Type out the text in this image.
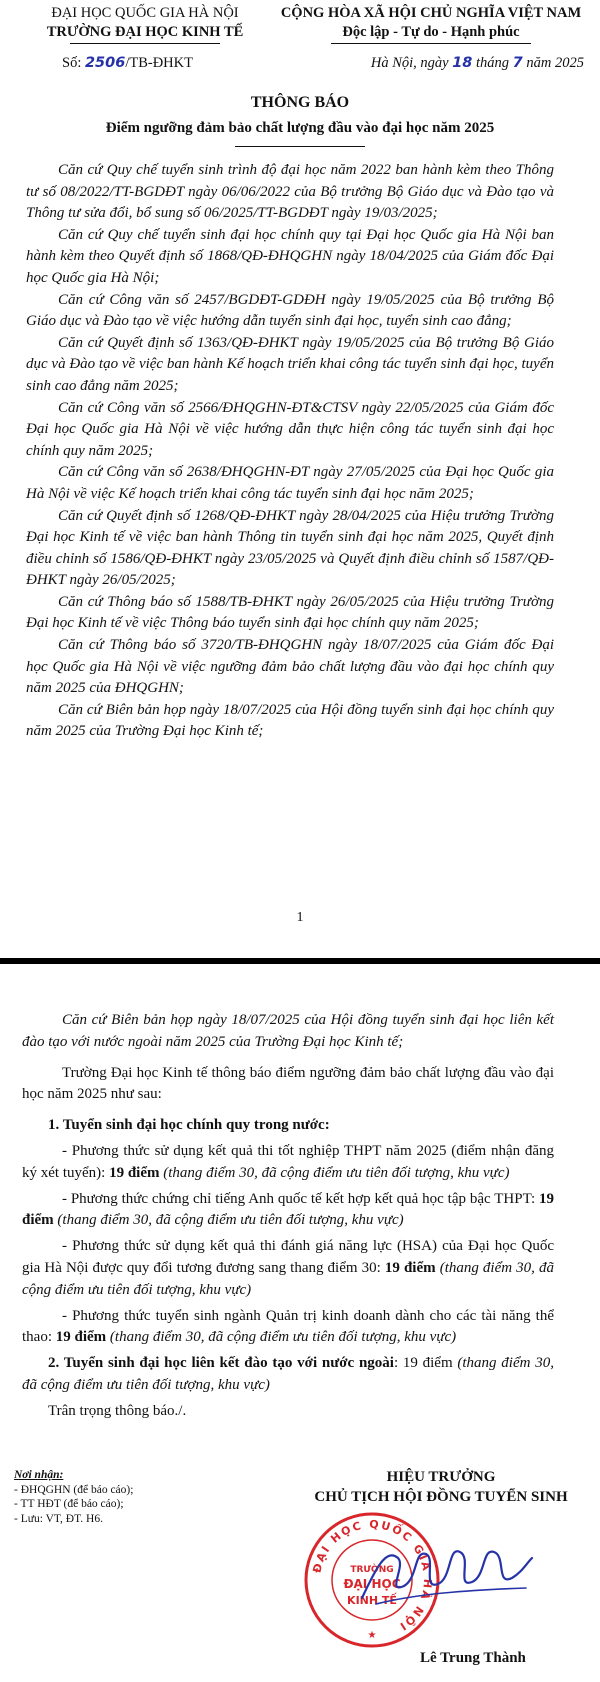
ĐẠI HỌC QUỐC GIA HÀ NỘI
TRƯỜNG ĐẠI HỌC KINH TẾ
CỘNG HÒA XÃ HỘI CHỦ NGHĨA VIỆT NAM
Độc lập - Tự do - Hạnh phúc
Số: 2506/TB-ĐHKT	Hà Nội, ngày 18 tháng 7 năm 2025
THÔNG BÁO
Điểm ngưỡng đảm bảo chất lượng đầu vào đại học năm 2025

Căn cứ Quy chế tuyển sinh trình độ đại học năm 2022 ban hành kèm theo Thông tư số 08/2022/TT-BGDĐT ngày 06/06/2022 của Bộ trưởng Bộ Giáo dục và Đào tạo và Thông tư sửa đổi, bổ sung số 06/2025/TT-BGDĐT ngày 19/03/2025;

Căn cứ Quy chế tuyển sinh đại học chính quy tại Đại học Quốc gia Hà Nội ban hành kèm theo Quyết định số 1868/QĐ-ĐHQGHN ngày 18/04/2025 của Giám đốc Đại học Quốc gia Hà Nội;

Căn cứ Công văn số 2457/BGDĐT-GDĐH ngày 19/05/2025 của Bộ trưởng Bộ Giáo dục và Đào tạo về việc hướng dẫn tuyển sinh đại học, tuyển sinh cao đẳng;

Căn cứ Quyết định số 1363/QĐ-ĐHKT ngày 19/05/2025 của Bộ trưởng Bộ Giáo dục và Đào tạo về việc ban hành Kế hoạch triển khai công tác tuyển sinh đại học, tuyển sinh cao đẳng năm 2025;

Căn cứ Công văn số 2566/ĐHQGHN-ĐT&CTSV ngày 22/05/2025 của Giám đốc Đại học Quốc gia Hà Nội về việc hướng dẫn thực hiện công tác tuyển sinh đại học chính quy năm 2025;

Căn cứ Công văn số 2638/ĐHQGHN-ĐT ngày 27/05/2025 của Đại học Quốc gia Hà Nội về việc Kế hoạch triển khai công tác tuyển sinh đại học năm 2025;

Căn cứ Quyết định số 1268/QĐ-ĐHKT ngày 28/04/2025 của Hiệu trưởng Trường Đại học Kinh tế về việc ban hành Thông tin tuyển sinh đại học năm 2025, Quyết định điều chỉnh số 1586/QĐ-ĐHKT ngày 23/05/2025 và Quyết định điều chỉnh số 1587/QĐ-ĐHKT ngày 26/05/2025;

Căn cứ Thông báo số 1588/TB-ĐHKT ngày 26/05/2025 của Hiệu trưởng Trường Đại học Kinh tế về việc Thông báo tuyển sinh đại học chính quy năm 2025;

Căn cứ Thông báo số 3720/TB-ĐHQGHN ngày 18/07/2025 của Giám đốc Đại học Quốc gia Hà Nội về việc ngưỡng đảm bảo chất lượng đầu vào đại học chính quy năm 2025 của ĐHQGHN;

Căn cứ Biên bản họp ngày 18/07/2025 của Hội đồng tuyển sinh đại học chính quy năm 2025 của Trường Đại học Kinh tế;

1

Căn cứ Biên bản họp ngày 18/07/2025 của Hội đồng tuyển sinh đại học liên kết đào tạo với nước ngoài năm 2025 của Trường Đại học Kinh tế;

Trường Đại học Kinh tế thông báo điểm ngưỡng đảm bảo chất lượng đầu vào đại học năm 2025 như sau:

1. Tuyển sinh đại học chính quy trong nước:

- Phương thức sử dụng kết quả thi tốt nghiệp THPT năm 2025 (điểm nhận đăng ký xét tuyển): 19 điểm (thang điểm 30, đã cộng điểm ưu tiên đối tượng, khu vực)

- Phương thức chứng chỉ tiếng Anh quốc tế kết hợp kết quả học tập bậc THPT: 19 điểm (thang điểm 30, đã cộng điểm ưu tiên đối tượng, khu vực)

- Phương thức sử dụng kết quả thi đánh giá năng lực (HSA) của Đại học Quốc gia Hà Nội được quy đổi tương đương sang thang điểm 30: 19 điểm (thang điểm 30, đã cộng điểm ưu tiên đối tượng, khu vực)

- Phương thức tuyển sinh ngành Quản trị kinh doanh dành cho các tài năng thể thao: 19 điểm (thang điểm 30, đã cộng điểm ưu tiên đối tượng, khu vực)

2. Tuyển sinh đại học liên kết đào tạo với nước ngoài: 19 điểm (thang điểm 30, đã cộng điểm ưu tiên đối tượng, khu vực)

Trân trọng thông báo./.

Nơi nhận:
- ĐHQGHN (để báo cáo);
- TT HĐT (để báo cáo);
- Lưu: VT, ĐT. H6.
HIỆU TRƯỞNG
CHỦ TỊCH HỘI ĐỒNG TUYỂN SINH
ĐẠI HỌC QUỐC GIA HÀ NỘI
TRƯỜNG
ĐẠI HỌC
KINH TẾ
★
Lê Trung Thành
